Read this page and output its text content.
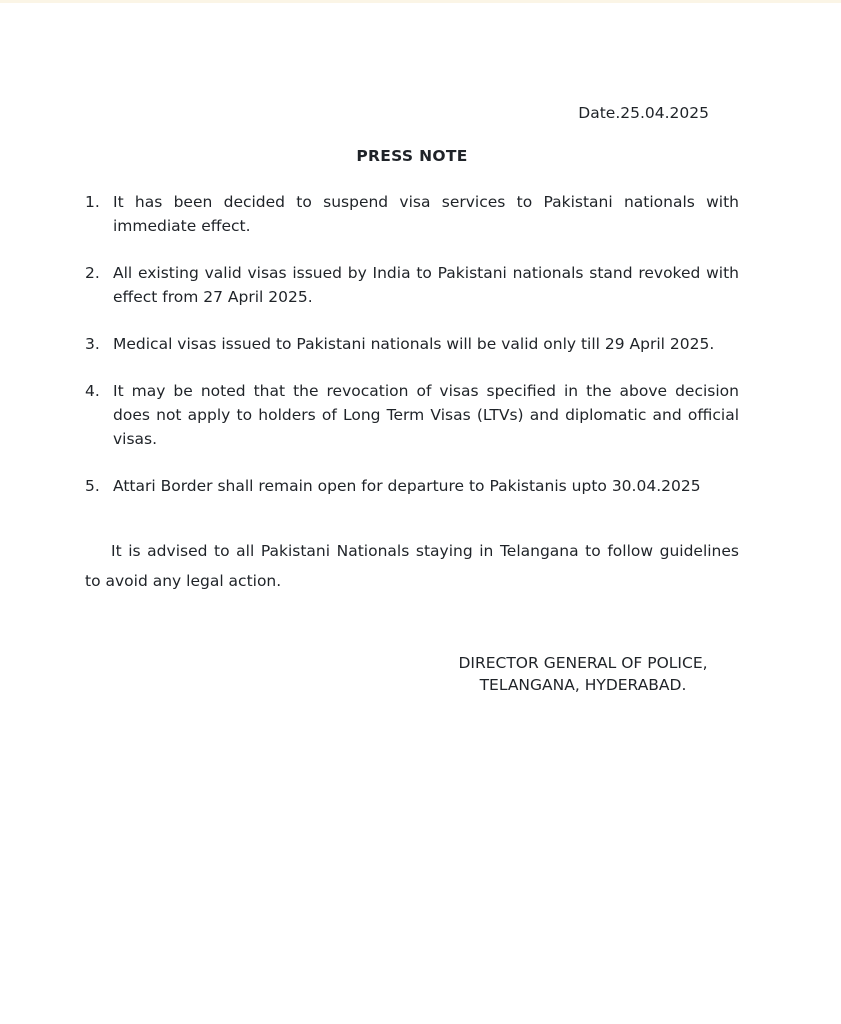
Date.25.04.2025
PRESS NOTE
1. It has been decided to suspend visa services to Pakistani nationals with immediate effect.
2. All existing valid visas issued by India to Pakistani nationals stand revoked with effect from 27 April 2025.
3. Medical visas issued to Pakistani nationals will be valid only till 29 April 2025.
4. It may be noted that the revocation of visas specified in the above decision does not apply to holders of Long Term Visas (LTVs) and diplomatic and official visas.
5. Attari Border shall remain open for departure to Pakistanis upto 30.04.2025
It is advised to all Pakistani Nationals staying in Telangana to follow guidelines to avoid any legal action.
DIRECTOR GENERAL OF POLICE,
TELANGANA, HYDERABAD.
